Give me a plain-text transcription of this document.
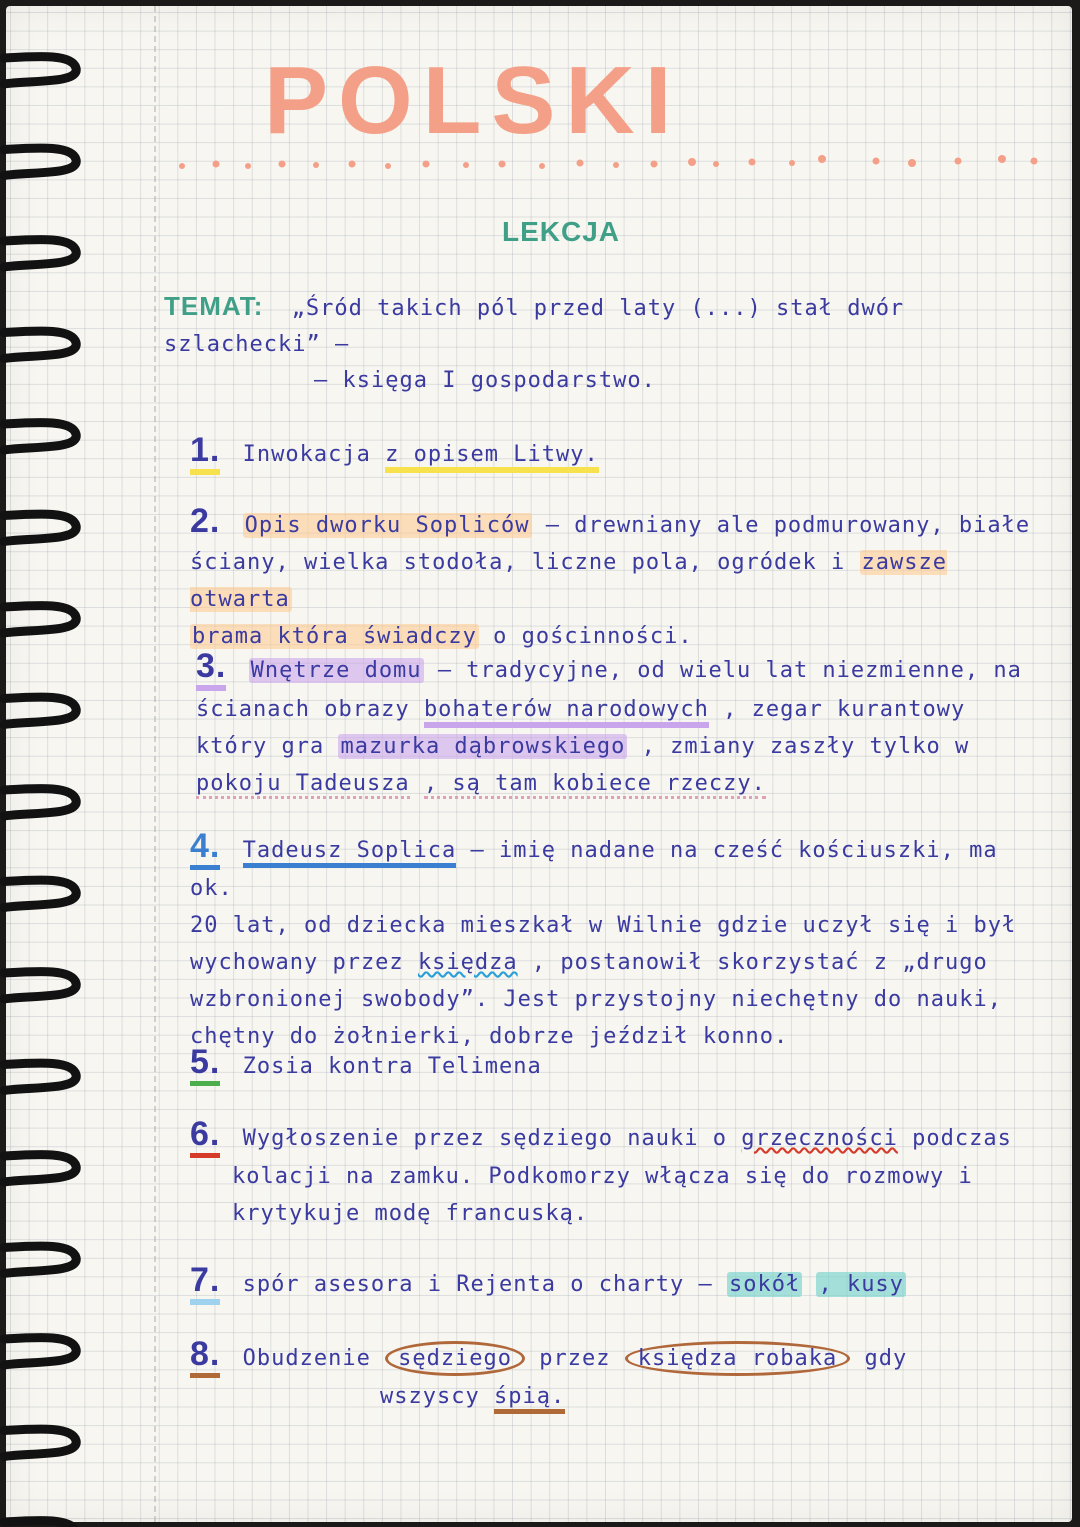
POLSKI
LEKCJA
TEMAT: „Śród takich pól przed laty (...) stał dwór szlachecki” –
– księga I gospodarstwo.
1. Inwokacja z opisem Litwy.
2. Opis dworku Sopliców – drewniany ale podmurowany, białe
ściany, wielka stodoła, liczne pola, ogródek i zawsze otwarta
brama która świadczy o gościnności.
3. Wnętrze domu – tradycyjne, od wielu lat niezmienne, na
ścianach obrazy bohaterów narodowych , zegar kurantowy
który gra mazurka dąbrowskiego , zmiany zaszły tylko w
pokoju Tadeusza , są tam kobiece rzeczy.
4. Tadeusz Soplica – imię nadane na cześć kościuszki, ma ok.
20 lat, od dziecka mieszkał w Wilnie gdzie uczył się i był
wychowany przez księdza , postanowił skorzystać z „drugo
wzbronionej swobody”. Jest przystojny niechętny do nauki,
chętny do żołnierki, dobrze jeździł konno.
5. Zosia kontra Telimena
6. Wygłoszenie przez sędziego nauki o grzeczności podczas
kolacji na zamku. Podkomorzy włącza się do rozmowy i
krytykuje modę francuską.
7. spór asesora i Rejenta o charty – sokół , kusy
8. Obudzenie sędziego przez księdza robaka gdy
wszyscy śpią.
